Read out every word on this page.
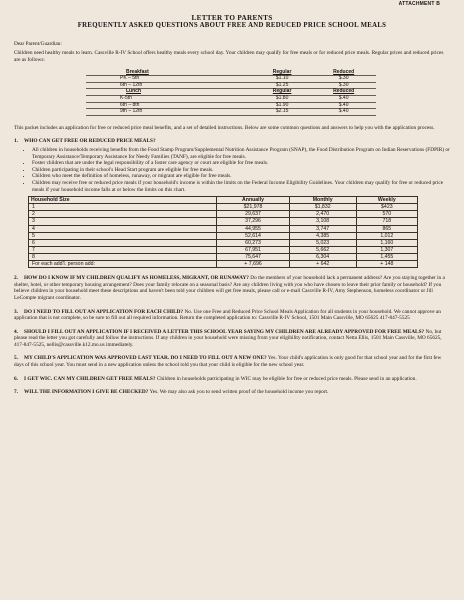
ATTACHMENT B
LETTER TO PARENTS
FREQUENTLY ASKED QUESTIONS ABOUT FREE AND REDUCED PRICE SCHOOL MEALS

Dear Parent/Guardian:

Children need healthy meals to learn. Cassville R-IV School offers healthy meals every school day. Your children may qualify for free meals or for reduced price meals. Regular prices and reduced prices are as follows:

Breakfast	Regular	Reduced
PK – 5th	$1.10	$.30
6th – 12th	$1.25	$.30
Lunch	Regular	Reduced
K-5th	$1.80	$.40
6th – 8th	$1.90	$.40
9th – 12th	$2.15	$.40

This packet includes an application for free or reduced price meal benefits, and a set of detailed instructions. Below are some common questions and answers to help you with the application process.

1. WHO CAN GET FREE OR REDUCED PRICE MEALS?

• All children in households receiving benefits from the Food Stamp Program/Supplemental Nutrition Assistance Program (SNAP), the Food Distribution Program on Indian Reservations (FDPIR) or Temporary Assistance/Temporary Assistance for Needy Families (TANF), are eligible for free meals.
• Foster children that are under the legal responsibility of a foster care agency or court are eligible for free meals.
• Children participating in their school's Head Start program are eligible for free meals.
• Children who meet the definition of homeless, runaway, or migrant are eligible for free meals.
• Children may receive free or reduced price meals if your household's income is within the limits on the Federal Income Eligibility Guidelines. Your children may qualify for free or reduced price meals if your household income falls at or below the limits on this chart.
Household Size	Annually	Monthly	Weekly
1	$21,978	$1,832	$423
2	29,637	2,470	570
3	37,296	3,108	718
4	44,955	3,747	865
5	52,614	4,385	1,012
6	60,273	5,023	1,160
7	67,951	5,662	1,307
8	75,647	6,304	1,455
For each add'l. person add:	+ 7,696	+ 642	+ 148

2. HOW DO I KNOW IF MY CHILDREN QUALIFY AS HOMELESS, MIGRANT, OR RUNAWAY? Do the members of your household lack a permanent address? Are you staying together in a shelter, hotel, or other temporary housing arrangement? Does your family relocate on a seasonal basis? Are any children living with you who have chosen to leave their prior family or household? If you believe children in your household meet these descriptions and haven't been told your children will get free meals, please call or e-mail Cassville R-IV, Amy Stephenson, homeless coordinator or Jill LeCompte migrant coordinator.

3. DO I NEED TO FILL OUT AN APPLICATION FOR EACH CHILD? No. Use one Free and Reduced Price School Meals Application for all students in your household. We cannot approve an application that is not complete, so be sure to fill out all required information. Return the completed application to: Cassville R-IV School, 1501 Main Cassville, MO 65625 417-847-5525

4. SHOULD I FILL OUT AN APPLICATION IF I RECEIVED A LETTER THIS SCHOOL YEAR SAYING MY CHILDREN ARE ALREADY APPROVED FOR FREE MEALS? No, but please read the letter you got carefully and follow the instructions. If any children in your household were missing from your eligibility notification, contact Netta Ellis, 1501 Main Cassville, MO 65625, 417-847-5525, nellis@cassville.k12.mo.us immediately.

5. MY CHILD'S APPLICATION WAS APPROVED LAST YEAR. DO I NEED TO FILL OUT A NEW ONE? Yes. Your child's application is only good for that school year and for the first few days of this school year. You must send in a new application unless the school told you that your child is eligible for the new school year.

6. I GET WIC. CAN MY CHILDREN GET FREE MEALS? Children in households participating in WIC may be eligible for free or reduced price meals. Please send in an application.

7. WILL THE INFORMATION I GIVE BE CHECKED? Yes. We may also ask you to send written proof of the household income you report.
